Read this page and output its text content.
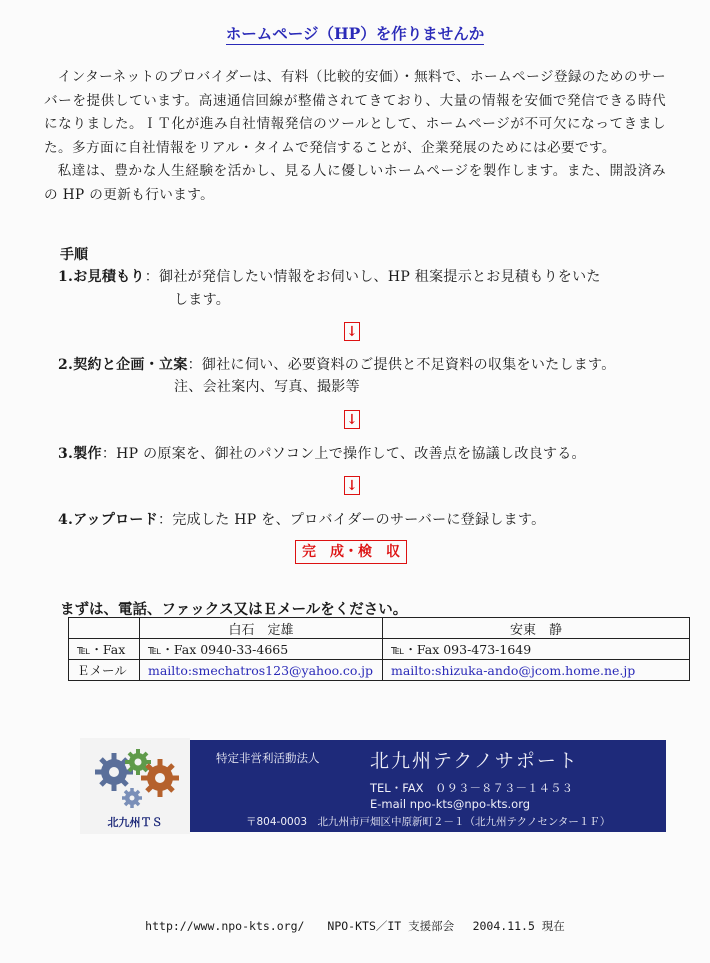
ホームページ（HP）を作りませんか

インターネットのプロバイダーは、有料（比較的安価）・無料で、ホームページ登録のためのサーバーを提供しています。高速通信回線が整備されてきており、大量の情報を安価で発信できる時代になりました。ＩＴ化が進み自社情報発信のツールとして、ホームページが不可欠になってきました。多方面に自社情報をリアル・タイムで発信することが、企業発展のためには必要です。

私達は、豊かな人生経験を活かし、見る人に優しいホームページを製作します。また、開設済みの HP の更新も行います。

手順
1.お見積もり：御社が発信したい情報をお伺いし、HP 租案提示とお見積もりをいた
します。
↓
2.契約と企画・立案：御社に伺い、必要資料のご提供と不足資料の収集をいたします。
注、会社案内、写真、撮影等
↓
3.製作：HP の原案を、御社のパソコン上で操作して、改善点を協議し改良する。
↓
4.アップロード：完成した HP を、プロバイダーのサーバーに登録します。
完　成・検　収
まずは、電話、ファックス又はＥメールをください。
	白石　定雄	安東　静
℡・Fax	℡・Fax 0940-33-4665	℡・Fax 093-473-1649
Ｅメール	mailto:smechatros123@yahoo.co.jp	mailto:shizuka-ando@jcom.home.ne.jp
北九州ＴＳ
特定非営利活動法人	北九州テクノサポート
TEL・FAX　０９３－８７３－１４５３
E-mail npo-kts@npo-kts.org
〒804-0003　北九州市戸畑区中原新町２－１（北九州テクノセンター１Ｆ）
http://www.npo-kts.org/　　NPO-KTS／IT 支援部会　 2004.11.5 現在
